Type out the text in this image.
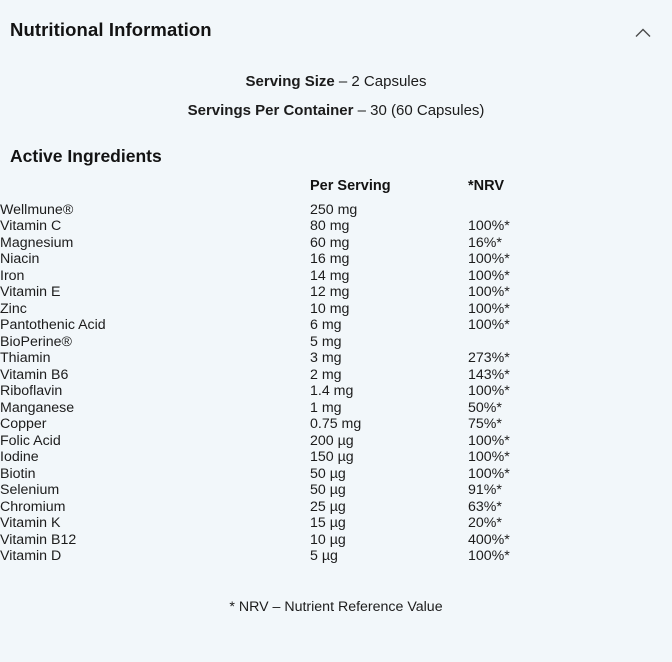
Nutritional Information
Serving Size – 2 Capsules
Servings Per Container – 30 (60 Capsules)
Active Ingredients
	Per Serving	*NRV
Wellmune®	250 mg	
Vitamin C	80 mg	100%*
Magnesium	60 mg	16%*
Niacin	16 mg	100%*
Iron	14 mg	100%*
Vitamin E	12 mg	100%*
Zinc	10 mg	100%*
Pantothenic Acid	6 mg	100%*
BioPerine®	5 mg	
Thiamin	3 mg	273%*
Vitamin B6	2 mg	143%*
Riboflavin	1.4 mg	100%*
Manganese	1 mg	50%*
Copper	0.75 mg	75%*
Folic Acid	200 µg	100%*
Iodine	150 µg	100%*
Biotin	50 µg	100%*
Selenium	50 µg	91%*
Chromium	25 µg	63%*
Vitamin K	15 µg	20%*
Vitamin B12	10 µg	400%*
Vitamin D	5 µg	100%*
* NRV – Nutrient Reference Value
